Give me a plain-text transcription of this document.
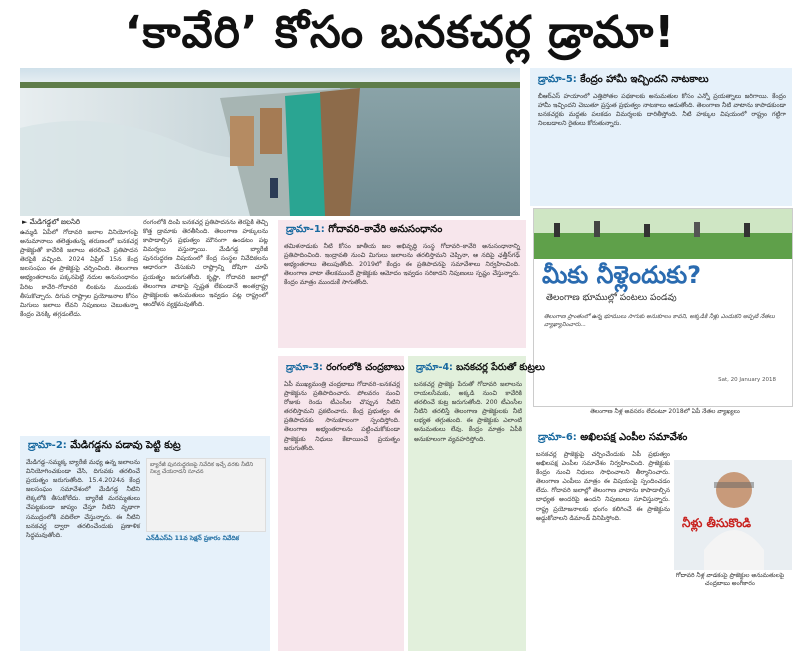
‘కావేరి’ కోసం బనకచర్ల డ్రామా!
► మేడిగడ్డలో జలసిరి

ఉమ్మడి ఏపీలో గోదావరి జలాల వినియోగంపై అనుమానాలు తలెత్తుతున్న తరుణంలో బనకచర్ల ప్రాజెక్టుతో కావేరికి జలాలు తరలించే ప్రతిపాదన తెరపైకి వచ్చింది. 2024 ఏప్రిల్ 15న కేంద్ర జలసంఘం ఈ ప్రాజెక్టుపై చర్చించింది. తెలంగాణ అభ్యంతరాలను పక్కనపెట్టి నదుల అనుసంధానం పేరిట కావేరి–గోదావరి లింకును ముందుకు తీసుకొచ్చారు. దిగువ రాష్ట్రాల ప్రయోజనాల కోసం మిగులు జలాలు లేవని నిపుణులు చెబుతున్నా కేంద్రం వెనక్కి తగ్గడంలేదు.

రంగంలోకి దింపి బనకచర్ల ప్రతిపాదనను తెరపైకి తెచ్చి కొత్త డ్రామాకు తెరతీసింది. తెలంగాణ హక్కులను కాపాడాల్సిన ప్రభుత్వం మౌనంగా ఉండటం పట్ల విమర్శలు వస్తున్నాయి. మేడిగడ్డ బ్యారేజీ పునరుద్ధరణ విషయంలో కేంద్ర సంస్థల నివేదికలను ఆధారంగా చేసుకుని రాష్ట్రాన్ని దోషిగా చూపే ప్రయత్నం జరుగుతోంది. కృష్ణా, గోదావరి జలాల్లో తెలంగాణ వాటాపై స్పష్టత లేకుండానే అంతర్రాష్ట్ర ప్రాజెక్టులకు అనుమతులు ఇవ్వడం పట్ల రాష్ట్రంలో ఆందోళన వ్యక్తమవుతోంది.

డ్రామా-1: గోదావరి–కావేరి అనుసంధానం

తమిళనాడుకు నీటి కోసం జాతీయ జల అభివృద్ధి సంస్థ గోదావరి–కావేరి అనుసంధానాన్ని ప్రతిపాదించింది. ఇంద్రావతి నుంచి మిగులు జలాలను తరలిస్తామని చెప్పినా, ఆ నదిపై ఛత్తీస్‌గఢ్ అభ్యంతరాలు తెలుపుతోంది. 2019లో కేంద్రం ఈ ప్రతిపాదనపై సమావేశాలు నిర్వహించింది. తెలంగాణ వాటా తేలకముందే ప్రాజెక్టుకు ఆమోదం ఇవ్వడం సరికాదని నిపుణులు స్పష్టం చేస్తున్నారు. కేంద్రం మాత్రం ముందుకే సాగుతోంది.

డ్రామా-5: కేంద్రం హామీ ఇచ్చిందని నాటకాలు

బీఆర్ఎస్ హయాంలో ఎత్తిపోతల పథకాలకు అనుమతుల కోసం ఎన్నో ప్రయత్నాలు జరిగాయి. కేంద్రం హామీ ఇచ్చిందని చెబుతూ ప్రస్తుత ప్రభుత్వం నాటకాలు ఆడుతోంది. తెలంగాణ నీటి వాటాను కాపాడకుండా బనకచర్లకు మద్దతు పలకడం విమర్శలకు దారితీస్తోంది. నీటి హక్కుల విషయంలో రాష్ట్రం గట్టిగా నిలబడాలని రైతులు కోరుతున్నారు.

మీకు నీళ్లెందుకు?
తెలంగాణ భూముల్లో పంటలు పండవు
తెలంగాణ ప్రాంతంలో ఉన్న భూములు సాగుకు అనుకూలం కావని, అక్కడికి నీళ్లు ఎందుకని అప్పటి నేతలు వ్యాఖ్యానించారు...
Sat, 20 January 2018
తెలంగాణ నీళ్ల అవసరం లేదంటూ 2018లో ఏపీ నేతల వ్యాఖ్యలు
డ్రామా-3: రంగంలోకి చంద్రబాబు

ఏపీ ముఖ్యమంత్రి చంద్రబాబు గోదావరి–బనకచర్ల ప్రాజెక్టును ప్రతిపాదించారు. పోలవరం నుంచి రోజుకు రెండు టీఎంసీల చొప్పున నీటిని తరలిస్తామని ప్రకటించారు. కేంద్ర ప్రభుత్వం ఈ ప్రతిపాదనకు సానుకూలంగా స్పందిస్తోంది. తెలంగాణ అభ్యంతరాలను పట్టించుకోకుండా ప్రాజెక్టుకు నిధులు కేటాయించే ప్రయత్నం జరుగుతోంది.

డ్రామా-4: బనకచర్ల పేరుతో కుట్రలు

బనకచర్ల ప్రాజెక్టు పేరుతో గోదావరి జలాలను రాయలసీమకు, అక్కడి నుంచి కావేరికి తరలించే కుట్ర జరుగుతోంది. 200 టీఎంసీల నీటిని తరలిస్తే తెలంగాణ ప్రాజెక్టులకు నీటి లభ్యత తగ్గుతుంది. ఈ ప్రాజెక్టుకు ఎలాంటి అనుమతులు లేవు. కేంద్రం మాత్రం ఏపీకి అనుకూలంగా వ్యవహరిస్తోంది.

డ్రామా-2: మేడిగడ్డను పడావు పెట్టి కుట్ర

మేడిగడ్డ–సమ్మక్క బ్యారేజీ మధ్య ఉన్న జలాలను వినియోగించకుండా చేసి, దిగువకు తరలించే ప్రయత్నం జరుగుతోంది. 15.4.2024న కేంద్ర జలసంఘం సమావేశంలో మేడిగడ్డ నీటిని లెక్కలోకి తీసుకోలేదు. బ్యారేజీ మరమ్మతులు చేపట్టకుండా జాప్యం చేస్తూ నీటిని వృథాగా సముద్రంలోకి వదిలేలా చేస్తున్నారు. ఈ నీటిని బనకచర్ల ద్వారా తరలించేందుకు ప్రణాళిక సిద్ధమవుతోంది.

బ్యారేజీ పునరుద్ధరణపై నివేదిక ఇచ్చే వరకు నీటిని నిల్వ చేయరాదని సూచన

ఎన్‌డీఎస్‌ఏ 11వ సెక్షన్ ప్రకారం నివేదిక

డ్రామా-6: అఖిలపక్ష ఎంపీల సమావేశం

బనకచర్ల ప్రాజెక్టుపై చర్చించేందుకు ఏపీ ప్రభుత్వం అఖిలపక్ష ఎంపీల సమావేశం నిర్వహించింది. ప్రాజెక్టుకు కేంద్రం నుంచి నిధులు సాధించాలని తీర్మానించారు. తెలంగాణ ఎంపీలు మాత్రం ఈ విషయంపై స్పందించడం లేదు. గోదావరి జలాల్లో తెలంగాణ వాటాను కాపాడాల్సిన బాధ్యత అందరిపై ఉందని నిపుణులు సూచిస్తున్నారు. రాష్ట్ర ప్రయోజనాలకు భంగం కలిగించే ఈ ప్రాజెక్టును అడ్డుకోవాలని డిమాండ్ వినిపిస్తోంది.	నీళ్లు తీసుకొండి
గోదావరి నీళ్ల వాడకంపై ప్రాజెక్టుల అనుమతులపై చంద్రబాబు అంగీకారం
